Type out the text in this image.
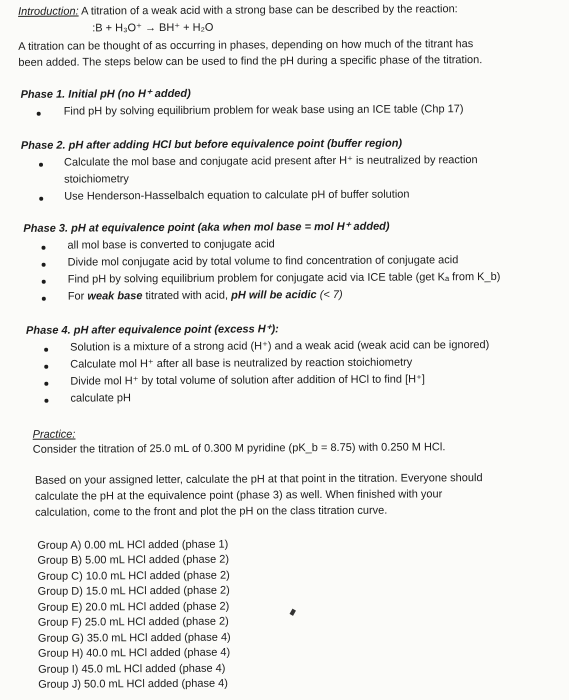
Introduction: A titration of a weak acid with a strong base can be described by the reaction:
:B + H₃O⁺ → BH⁺ + H₂O
A titration can be thought of as occurring in phases, depending on how much of the titrant has
been added. The steps below can be used to find the pH during a specific phase of the titration.
Phase 1. Initial pH (no H⁺ added)
Find pH by solving equilibrium problem for weak base using an ICE table (Chp 17)
Phase 2. pH after adding HCl but before equivalence point (buffer region)
Calculate the mol base and conjugate acid present after H⁺ is neutralized by reaction
stoichiometry
Use Henderson-Hasselbalch equation to calculate pH of buffer solution
Phase 3. pH at equivalence point (aka when mol base = mol H⁺ added)
all mol base is converted to conjugate acid
Divide mol conjugate acid by total volume to find concentration of conjugate acid
Find pH by solving equilibrium problem for conjugate acid via ICE table (get Kₐ from K_b)
For weak base titrated with acid, pH will be acidic (< 7)
Phase 4. pH after equivalence point (excess H⁺):
Solution is a mixture of a strong acid (H⁺) and a weak acid (weak acid can be ignored)
Calculate mol H⁺ after all base is neutralized by reaction stoichiometry
Divide mol H⁺ by total volume of solution after addition of HCl to find [H⁺]
calculate pH
Practice:
Consider the titration of 25.0 mL of 0.300 M pyridine (pK_b = 8.75) with 0.250 M HCl.
Based on your assigned letter, calculate the pH at that point in the titration. Everyone should
calculate the pH at the equivalence point (phase 3) as well. When finished with your
calculation, come to the front and plot the pH on the class titration curve.
Group A) 0.00 mL HCl added (phase 1)
Group B) 5.00 mL HCl added (phase 2)
Group C) 10.0 mL HCl added (phase 2)
Group D) 15.0 mL HCl added (phase 2)
Group E) 20.0 mL HCl added (phase 2)
Group F) 25.0 mL HCl added (phase 2)
Group G) 35.0 mL HCl added (phase 4)
Group H) 40.0 mL HCl added (phase 4)
Group I) 45.0 mL HCl added (phase 4)
Group J) 50.0 mL HCl added (phase 4)
